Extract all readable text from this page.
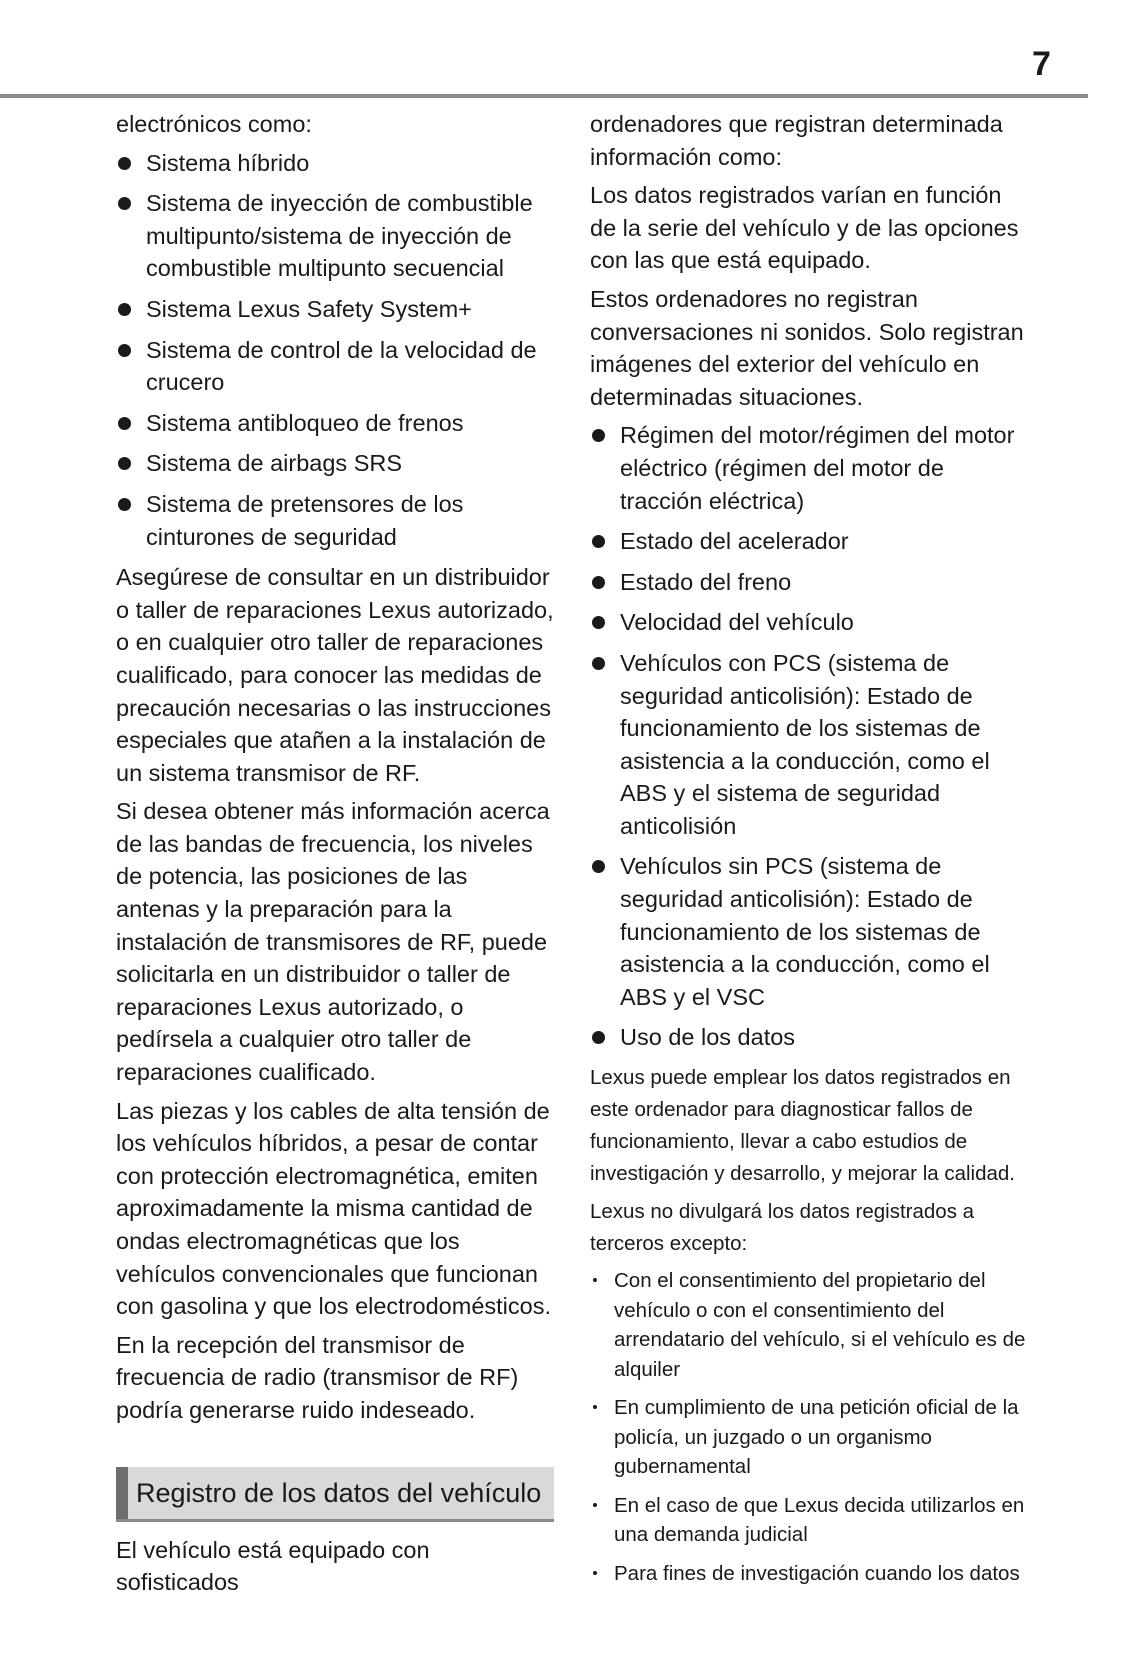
7

electrónicos como:

Sistema híbrido
Sistema de inyección de combustible multipunto/sistema de inyección de combustible multipunto secuencial
Sistema Lexus Safety System+
Sistema de control de la velocidad de crucero
Sistema antibloqueo de frenos
Sistema de airbags SRS
Sistema de pretensores de los cinturones de seguridad

Asegúrese de consultar en un distribuidor o taller de reparaciones Lexus autorizado, o en cualquier otro taller de reparaciones cualificado, para conocer las medidas de precaución necesarias o las instrucciones especiales que atañen a la instalación de un sistema transmisor de RF.

Si desea obtener más información acerca de las bandas de frecuencia, los niveles de potencia, las posiciones de las antenas y la preparación para la instalación de transmisores de RF, puede solicitarla en un distribuidor o taller de reparaciones Lexus autorizado, o pedírsela a cualquier otro taller de reparaciones cualificado.

Las piezas y los cables de alta tensión de los vehículos híbridos, a pesar de contar con protección electromagnética, emiten aproximadamente la misma cantidad de ondas electromagnéticas que los vehículos convencionales que funcionan con gasolina y que los electrodomésticos.

En la recepción del transmisor de frecuencia de radio (transmisor de RF) podría generarse ruido indeseado.

Registro de los datos del vehículo

El vehículo está equipado con sofisticados

ordenadores que registran determinada información como:

Los datos registrados varían en función de la serie del vehículo y de las opciones con las que está equipado.

Estos ordenadores no registran conversaciones ni sonidos. Solo registran imágenes del exterior del vehículo en determinadas situaciones.

Régimen del motor/régimen del motor eléctrico (régimen del motor de tracción eléctrica)
Estado del acelerador
Estado del freno
Velocidad del vehículo
Vehículos con PCS (sistema de seguridad anticolisión): Estado de funcionamiento de los sistemas de asistencia a la conducción, como el ABS y el sistema de seguridad anticolisión
Vehículos sin PCS (sistema de seguridad anticolisión): Estado de funcionamiento de los sistemas de asistencia a la conducción, como el ABS y el VSC
Uso de los datos

Lexus puede emplear los datos registrados en este ordenador para diagnosticar fallos de funcionamiento, llevar a cabo estudios de investigación y desarrollo, y mejorar la calidad.

Lexus no divulgará los datos registrados a terceros excepto:

Con el consentimiento del propietario del vehículo o con el consentimiento del arrendatario del vehículo, si el vehículo es de alquiler
En cumplimiento de una petición oficial de la policía, un juzgado o un organismo gubernamental
En el caso de que Lexus decida utilizarlos en una demanda judicial
Para fines de investigación cuando los datos
